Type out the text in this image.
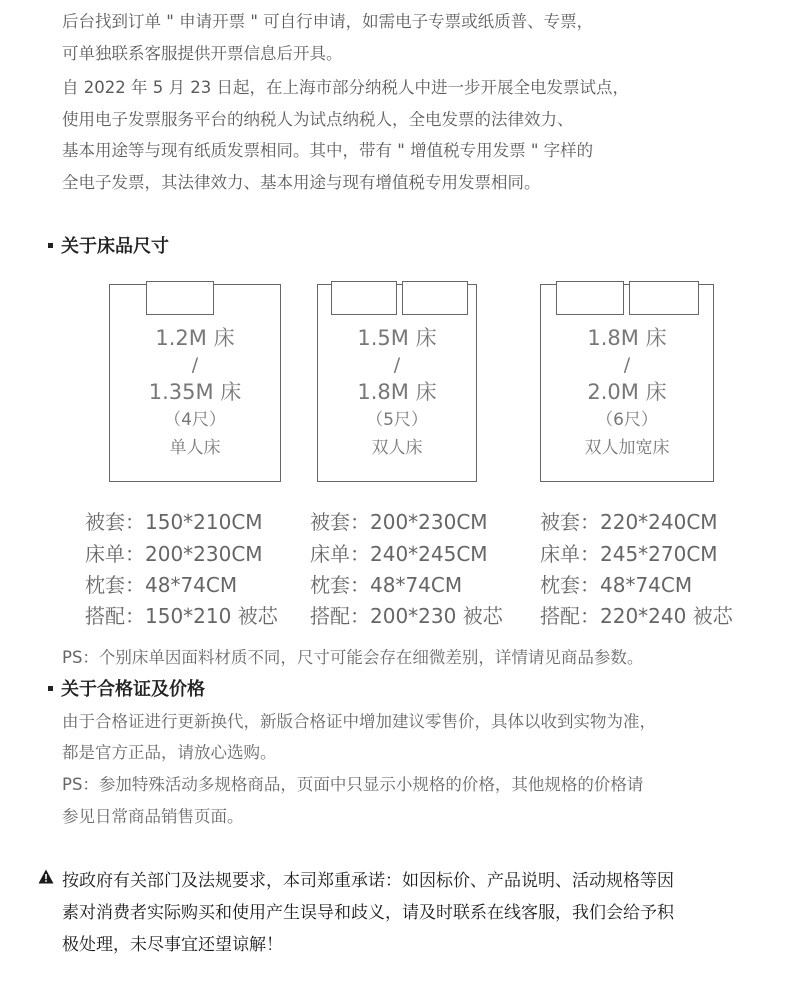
后台找到订单 " 申请开票 " 可自行申请，如需电子专票或纸质普、专票，
可单独联系客服提供开票信息后开具。
自 2022 年 5 月 23 日起，在上海市部分纳税人中进一步开展全电发票试点，
使用电子发票服务平台的纳税人为试点纳税人，全电发票的法律效力、
基本用途等与现有纸质发票相同。其中，带有 " 增值税专用发票 " 字样的
全电子发票，其法律效力、基本用途与现有增值税专用发票相同。
关于床品尺寸
1.2M 床
/
1.35M 床
（4尺）
单人床
1.5M 床
/
1.8M 床
（5尺）
双人床
1.8M 床
/
2.0M 床
（6尺）
双人加宽床
被套：150*210CM
床单：200*230CM
枕套：48*74CM
搭配：150*210 被芯
被套：200*230CM
床单：240*245CM
枕套：48*74CM
搭配：200*230 被芯
被套：220*240CM
床单：245*270CM
枕套：48*74CM
搭配：220*240 被芯
PS：个别床单因面料材质不同，尺寸可能会存在细微差别，详情请见商品参数。
关于合格证及价格
由于合格证进行更新换代，新版合格证中增加建议零售价，具体以收到实物为准，
都是官方正品，请放心选购。
PS：参加特殊活动多规格商品，页面中只显示小规格的价格，其他规格的价格请
参见日常商品销售页面。
按政府有关部门及法规要求，本司郑重承诺：如因标价、产品说明、活动规格等因
素对消费者实际购买和使用产生误导和歧义，请及时联系在线客服，我们会给予积
极处理，未尽事宜还望谅解！
